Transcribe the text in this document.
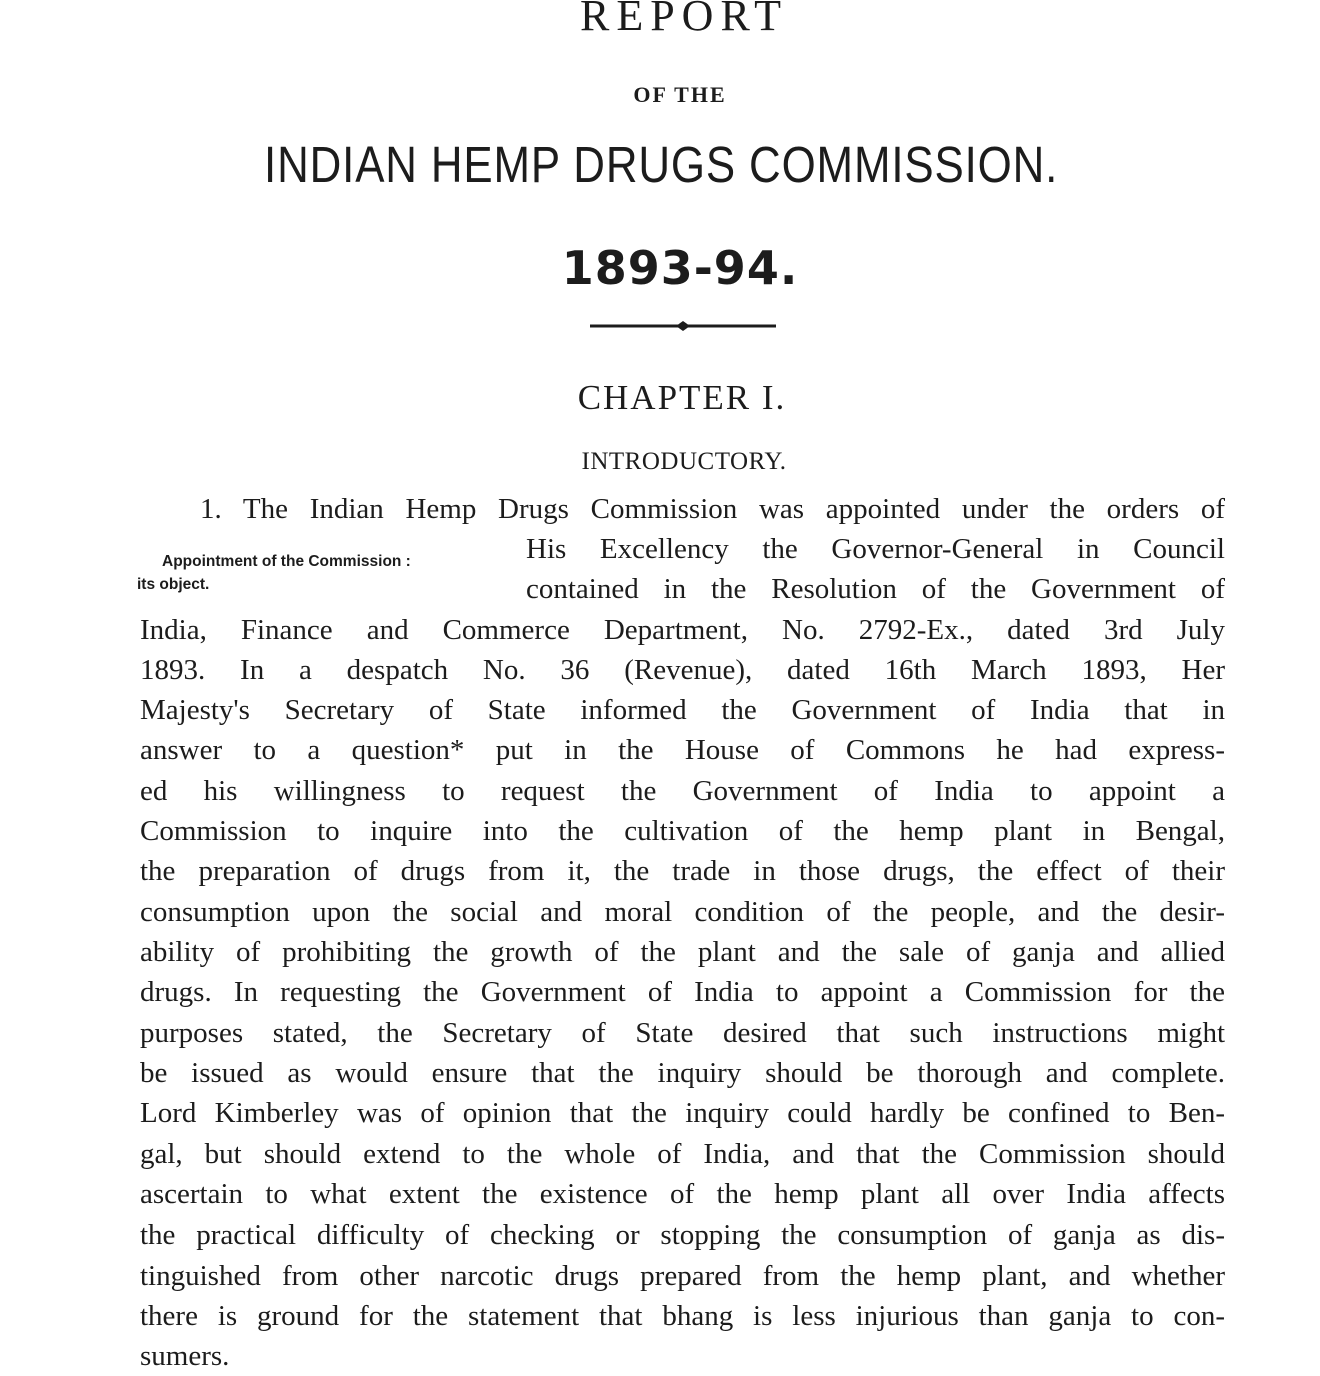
REPORT
OF THE
INDIAN HEMP DRUGS COMMISSION.
1893-94.
CHAPTER I.
INTRODUCTORY.
Appointment of the Commission :
its object.
1. The Indian Hemp Drugs Commission was appointed under the orders of
His Excellency the Governor-General in Council
contained in the Resolution of the Government of
India, Finance and Commerce Department, No. 2792-Ex., dated 3rd July
1893. In a despatch No. 36 (Revenue), dated 16th March 1893, Her
Majesty's Secretary of State informed the Government of India that in
answer to a question* put in the House of Commons he had express-
ed his willingness to request the Government of India to appoint a
Commission to inquire into the cultivation of the hemp plant in Bengal,
the preparation of drugs from it, the trade in those drugs, the effect of their
consumption upon the social and moral condition of the people, and the desir-
ability of prohibiting the growth of the plant and the sale of ganja and allied
drugs. In requesting the Government of India to appoint a Commission for the
purposes stated, the Secretary of State desired that such instructions might
be issued as would ensure that the inquiry should be thorough and complete.
Lord Kimberley was of opinion that the inquiry could hardly be confined to Ben-
gal, but should extend to the whole of India, and that the Commission should
ascertain to what extent the existence of the hemp plant all over India affects
the practical difficulty of checking or stopping the consumption of ganja as dis-
tinguished from other narcotic drugs prepared from the hemp plant, and whether
there is ground for the statement that bhang is less injurious than ganja to con-
sumers.
